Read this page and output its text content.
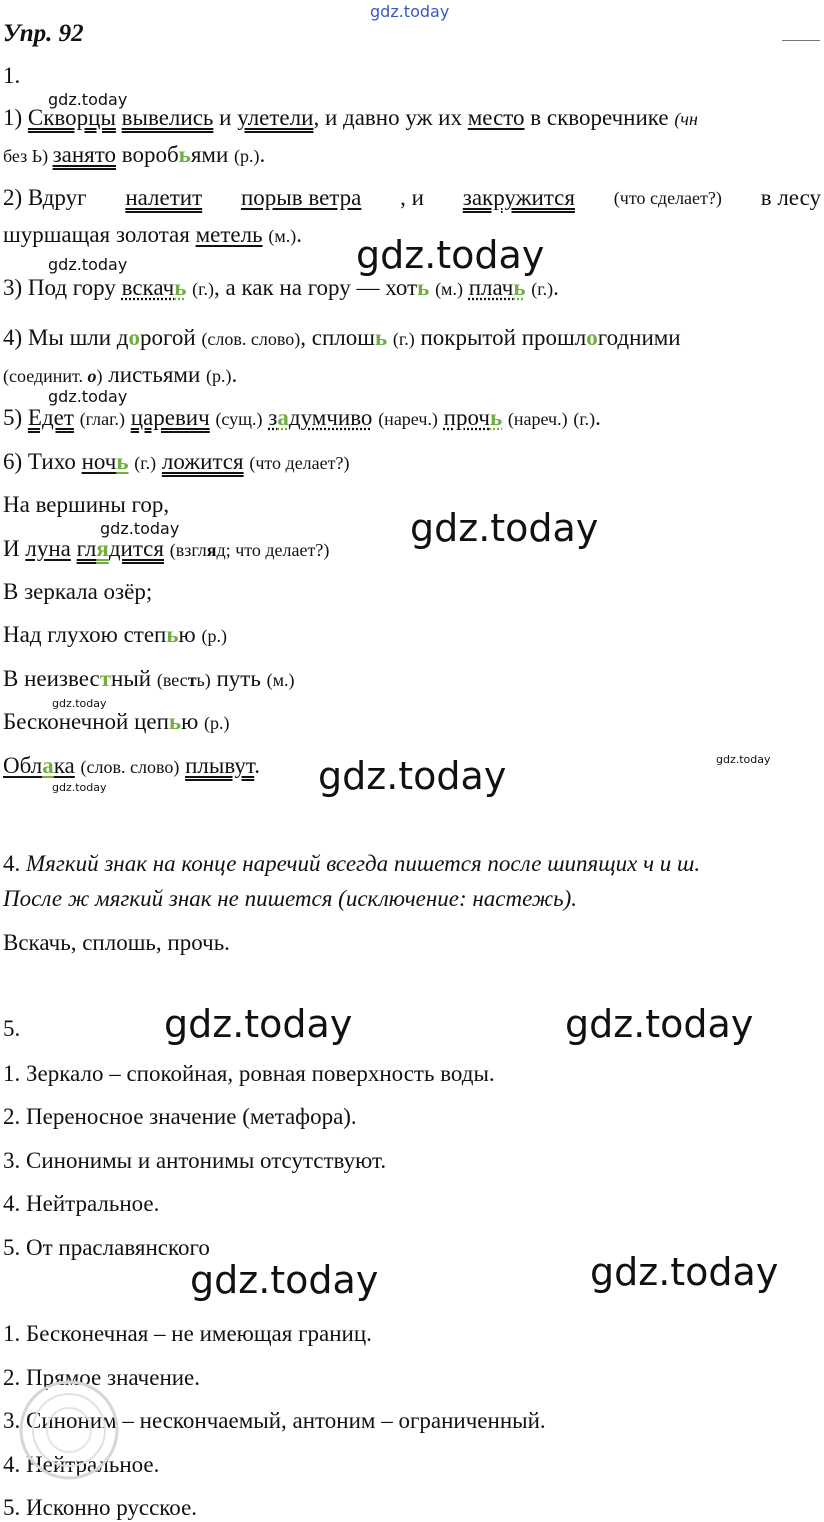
gdz.today
Упр. 92
1.
1) Скворцы вывелись и улетели, и давно уж их место в скворечнике (чн
без Ь) занято воробьями (р.).
2) Вдруг налетит порыв ветра , и закружится (что сделает?) в лесу
шуршащая золотая метель (м.).
3) Под гору вскачь (г.), а как на гору — хоть (м.) плачь (г.).
4) Мы шли дорогой (слов. слово), сплошь (г.) покрытой прошлогодними
(соединит. о) листьями (р.).
5) Едет (глаг.) царевич (сущ.) задумчиво (нареч.) прочь (нареч.) (г.).
6) Тихо ночь (г.) ложится (что делает?)
На вершины гор,
И луна глядится (взгляд; что делает?)
В зеркала озёр;
Над глухою степью (р.)
В неизвестный (весть) путь (м.)
Бесконечной цепью (р.)
Облака (слов. слово) плывут.
4. Мягкий знак на конце наречий всегда пишется после шипящих ч и ш.
После ж мягкий знак не пишется (исключение: настежь).
Вскачь, сплошь, прочь.
5.
1. Зеркало – спокойная, ровная поверхность воды.
2. Переносное значение (метафора).
3. Синонимы и антонимы отсутствуют.
4. Нейтральное.
5. От праславянского
1. Бесконечная – не имеющая границ.
2. Прямое значение.
3. Синоним – нескончаемый, антоним – ограниченный.
4. Нейтральное.
5. Исконно русское.
gdz.today
gdz.today
gdz.today
gdz.today
gdz.today	gdz.today
gdz.today
gdz.today	gdz.today	gdz.today
gdz.today	gdz.today
gdz.today	gdz.today
